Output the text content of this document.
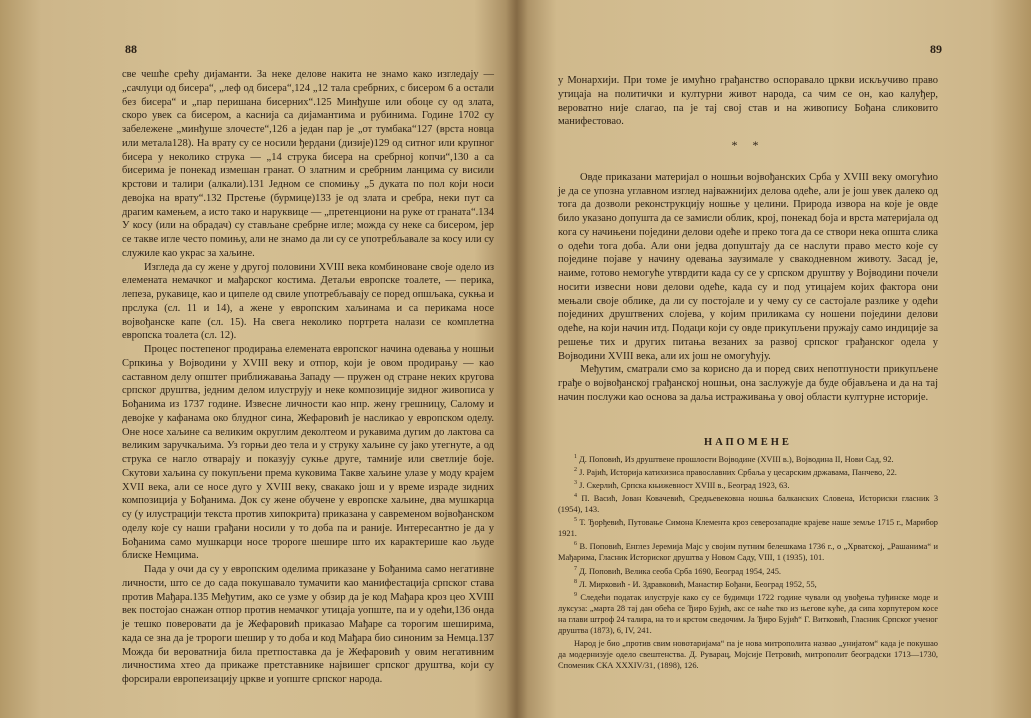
88

све чешће срећу дијаманти. За неке делове накита не знамо како изгледају — „сачлуци од бисера“, „леф од бисера“,124 „12 тала сребрних, с бисером 6 а остали без бисера“ и „пар перишана бисерних“.125 Минђуше или обоце су од злата, скоро увек са бисером, а каснија са дијамантима и рубинима. Године 1702 су забележене „минђуше злочесте“,126 а један пар је „от тумбака“127 (врста новца или метала128). На врату су се носили ђердани (дизије)129 од ситног или крупног бисера у неколико струка — „14 струка бисера на сребрној копчи“,130 а са бисерима је понекад измешан гранат. О златним и сребрним ланцима су висили крстови и талири (алкали).131 Једном се спомињу „5 дуката по пол који носи девојка на врату“.132 Прстење (бурмице)133 је од злата и сребра, неки пут са драгим камењем, а исто тако и наруквице — „претенциони на руке от граната“.134 У косу (или на обрадач) су стављане сребрне игле; можда су неке са бисером, јер се такве игле често помињу, али не знамо да ли су се употребљавале за косу или су служиле као украс за хаљине.

Изгледа да су жене у другој половини XVIII века комбиноване своје одело из елемената немачког и мађарског костима. Детаљи европске тоалете, — перика, лепеза, рукавице, као и ципеле од свиле употребљавају се поред опшљака, сукња и прслука (сл. 11 и 14), а жене у европским хаљинама и са перикама носе војвођанске капе (сл. 15). На свега неколико портрета налази се комплетна европска тоалета (сл. 12).

Процес постепеног продирања елемената европског начина одевања у ношњи Српкиња у Војводини у XVIII веку и отпор, који је овом продирању — као саставном делу општег приближавања Западу — пружен од стране неких кругова српског друштва, једним делом илуструју и неке композиције зидног живописа у Бођанима из 1737 године. Извесне личности као нпр. жену грешницу, Салому и девојке у кафанама око блудног сина, Жефаровић је насликао у европском оделу. Оне носе хаљине са великим округлим деколтеом и рукавима дугим до лактова са великим заручкаљима. Уз горњи део тела и у струку хаљине су јако утегнуте, а од струка се нагло отварају и показују сукње друге, тамније или светлије боје. Скутови хаљина су покупљени према куковима Такве хаљине улазе у моду крајем XVII века, али се носе дуго у XVIII веку, свакако још и у време израде зидних композиција у Бођанима. Док су жене обучене у европске хаљине, два мушкарца су (у илустрацији текста против хипокрита) приказана у савременом војвођанском оделу које су наши грађани носили у то доба па и раније. Интересантно је да у Бођанима само мушкарци носе тророге шешире што их карактерише као људе блиске Немцима.

Пада у очи да су у европским оделима приказане у Бођанима само негативне личности, што се до сада покушавало тумачити као манифестација српског става против Мађара.135 Међутим, ако се узме у обзир да је код Мађара кроз цео XVIII век постојао снажан отпор против немачког утицаја уопште, па и у одећи,136 онда је тешко поверовати да је Жефаровић приказао Мађаре са торогим шеширима, када се зна да је тророги шешир у то доба и код Мађара био синоним за Немца.137 Можда би вероватнија била претпоставка да је Жефаровић у овим негативним личностима хтео да прикаже претставнике највишег српског друштва, који су форсирали европеизацију црквe и уопште српског народа.

89

у Монархији. При томе је имућно грађанство оспоравало цркви искључиво право утицаја на политички и културни живот народа, са чим се он, као калуђер, вероватно није слагао, па је тај свој став и на живопису Бођана сликовито манифестовао.

* *

Овде приказани материјал о ношњи војвођанских Срба у XVIII веку омогућио је да се упозна углавном изглед најважнијих делова одеће, али је још увек далеко од тога да дозволи реконструкцију ношње у целини. Природа извора на које је овде било указано допушта да се замисли облик, крој, понекад боја и врста материјала од кога су начињени поједини делови одеће и преко тога да се створи нека општа слика о одећи тога доба. Али они једва допуштају да се наслути право место које су поједине појаве у начину одевања заузимале у свакодневном животу. Засад је, наиме, готово немогуће утврдити када су се у српском друштву у Војводини почели носити извесни нови делови одеће, када су и под утицајем којих фактора они мењали своје облике, да ли су постојале и у чему су се састојале разлике у одећи појединих друштвених слојева, у којим приликама су ношени поједини делови одеће, на који начин итд. Подаци који су овде прикупљени пружају само индиције за решење тих и других питања везаних за развој српског грађанског одела у Војводини XVIII века, али их још не омогућују.

Међутим, сматрали смо за корисно да и поред свих непотпуности прикупљене грађе о војвођанској грађанској ношњи, она заслужује да буде објављена и да на тај начин послужи као основа за даља истраживања у овој области културне историје.

НАПОМЕНЕ

$^1$ Д. Поповић, Из друштвене прошлости Војводине (XVIII в.), Војводина II, Нови Сад, 92.

$^2$ Ј. Рајић, Историја катихизиса православних Србаља у цесарским државама, Панчево, 22.

$^3$ Ј. Скерлић, Српска књижевност XVIII в., Београд 1923, 63.

$^4$ П. Васић, Јован Ковачевић, Средњевековна ношња балканских Словена, Историски гласник 3 (1954), 143.

$^5$ Т. Ђорђевић, Путовање Симона Клемента кроз северозападне крајеве наше земље 1715 г., Марибор 1921.

$^6$ В. Поповић, Енглез Јеремија Мајс у својим путним белешкама 1736 г., о „Хрватској, „Рашанима“ и Мађарима, Гласник Историског друштва у Новом Саду, VIII, 1 (1935), 101.

$^7$ Д. Поповић, Велика сеоба Срба 1690, Београд 1954, 245.

$^8$ Л. Мирковић - И. Здравковић, Манастир Бођани, Београд 1952, 55,

$^9$ Следећи податак илуструје како су се будимци 1722 године чували од увођења туђинске моде и луксуза: „марта 28 тај дан обећа се Ђиро Бујић, акс се наће тко из његове куће, да сипа хорпутером косе на глави штроф 24 талира, на то и крстом сведочим. Ја Ђиро Бујић“ Г. Витковић, Гласник Српског ученог друштва (1873), 6, IV, 241.

Народ је био „против свим новотаријама“ па је нова митрополита назвао „унијатом“ када је покушао да модернизује одело свештенства. Д. Руварац, Мојсије Петровић, митрополит београдски 1713—1730, Споменик СКА XXXIV/31, (1898), 126.
